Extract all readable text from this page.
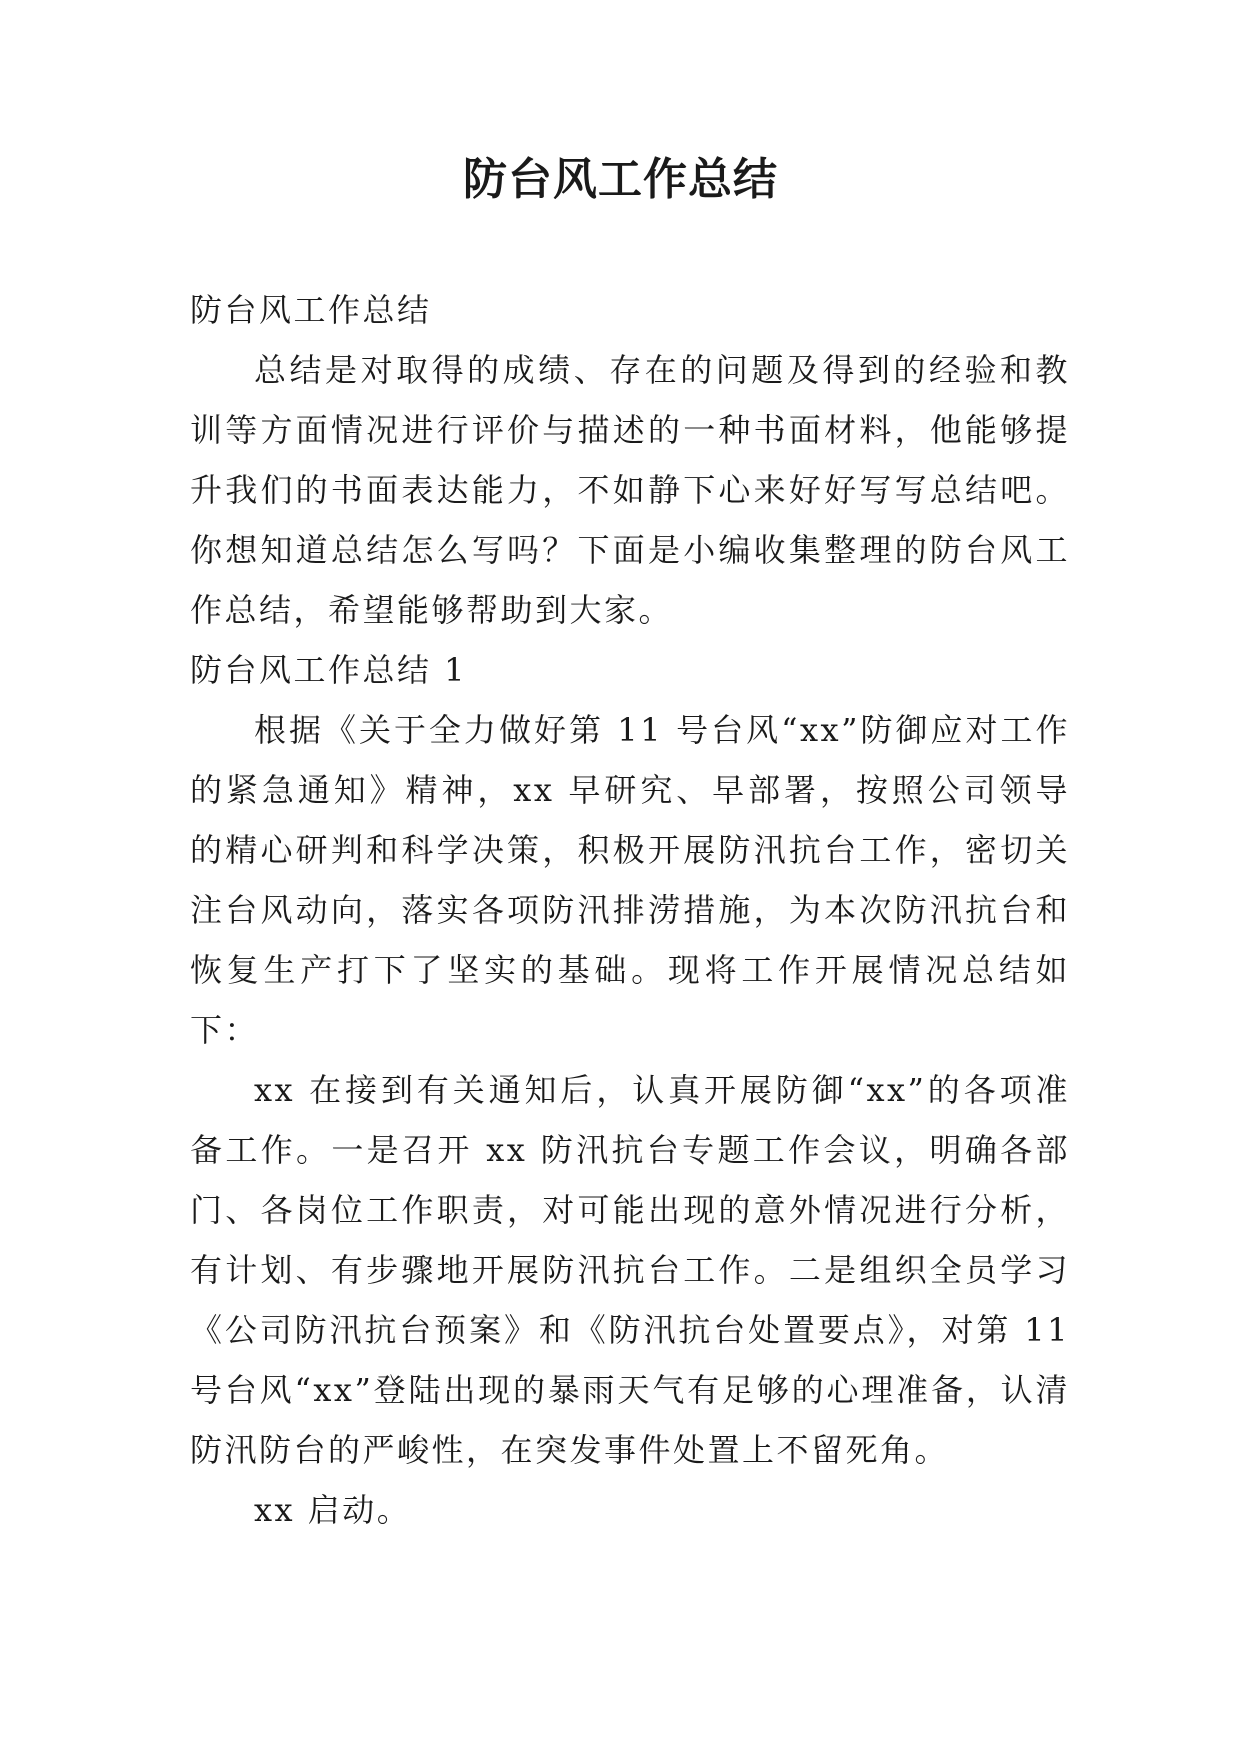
防台风工作总结

防台风工作总结

总结是对取得的成绩、存在的问题及得到的经验和教训等方面情况进行评价与描述的一种书面材料，他能够提升我们的书面表达能力，不如静下心来好好写写总结吧。你想知道总结怎么写吗？下面是小编收集整理的防台风工作总结，希望能够帮助到大家。

防台风工作总结 1

根据《关于全力做好第 11 号台风“xx”防御应对工作的紧急通知》精神，xx 早研究、早部署，按照公司领导的精心研判和科学决策，积极开展防汛抗台工作，密切关注台风动向，落实各项防汛排涝措施，为本次防汛抗台和恢复生产打下了坚实的基础。现将工作开展情况总结如下：

xx 在接到有关通知后，认真开展防御“xx”的各项准备工作。一是召开 xx 防汛抗台专题工作会议，明确各部门、各岗位工作职责，对可能出现的意外情况进行分析，有计划、有步骤地开展防汛抗台工作。二是组织全员学习《公司防汛抗台预案》和《防汛抗台处置要点》，对第 11 号台风“xx”登陆出现的暴雨天气有足够的心理准备，认清防汛防台的严峻性，在突发事件处置上不留死角。

xx 启动。
